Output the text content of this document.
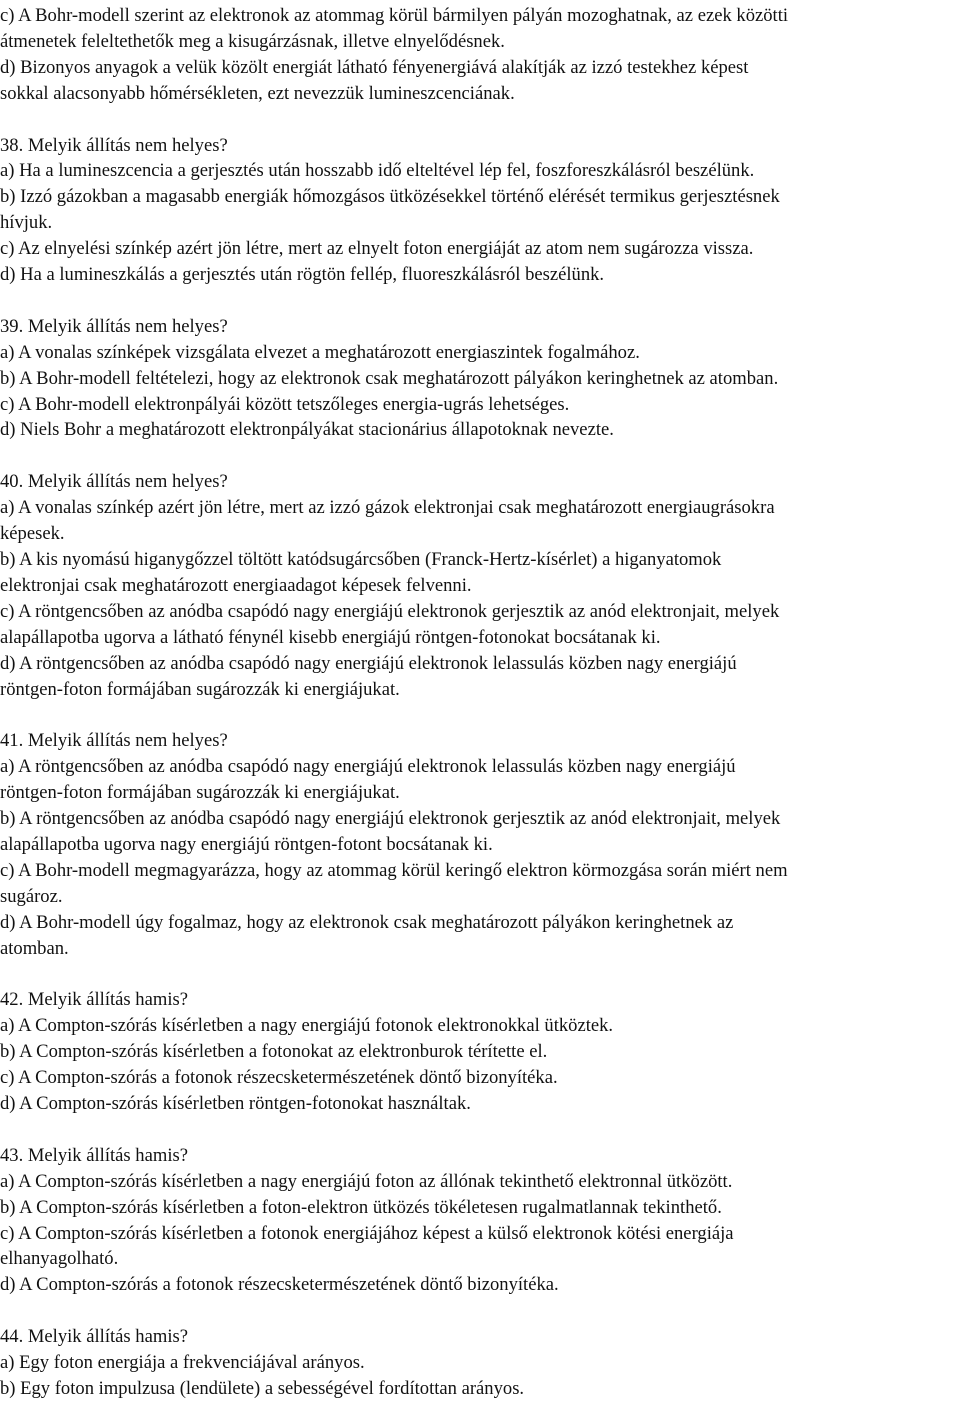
c) A Bohr-modell szerint az elektronok az atommag körül bármilyen pályán mozoghatnak, az ezek közötti
átmenetek feleltethetők meg a kisugárzásnak, illetve elnyelődésnek.
d) Bizonyos anyagok a velük közölt energiát látható fényenergiává alakítják az izzó testekhez képest
sokkal alacsonyabb hőmérsékleten, ezt nevezzük lumineszcenciának.
38. Melyik állítás nem helyes?
a) Ha a lumineszcencia a gerjesztés után hosszabb idő elteltével lép fel, foszforeszkálásról beszélünk.
b) Izzó gázokban a magasabb energiák hőmozgásos ütközésekkel történő elérését termikus gerjesztésnek
hívjuk.
c) Az elnyelési színkép azért jön létre, mert az elnyelt foton energiáját az atom nem sugározza vissza.
d) Ha a lumineszkálás a gerjesztés után rögtön fellép, fluoreszkálásról beszélünk.
39. Melyik állítás nem helyes?
a) A vonalas színképek vizsgálata elvezet a meghatározott energiaszintek fogalmához.
b) A Bohr-modell feltételezi, hogy az elektronok csak meghatározott pályákon keringhetnek az atomban.
c) A Bohr-modell elektronpályái között tetszőleges energia-ugrás lehetséges.
d) Niels Bohr a meghatározott elektronpályákat stacionárius állapotoknak nevezte.
40. Melyik állítás nem helyes?
a) A vonalas színkép azért jön létre, mert az izzó gázok elektronjai csak meghatározott energiaugrásokra
képesek.
b) A kis nyomású higanygőzzel töltött katódsugárcsőben (Franck-Hertz-kísérlet) a higanyatomok
elektronjai csak meghatározott energiaadagot képesek felvenni.
c) A röntgencsőben az anódba csapódó nagy energiájú elektronok gerjesztik az anód elektronjait, melyek
alapállapotba ugorva a látható fénynél kisebb energiájú röntgen-fotonokat bocsátanak ki.
d) A röntgencsőben az anódba csapódó nagy energiájú elektronok lelassulás közben nagy energiájú
röntgen-foton formájában sugározzák ki energiájukat.
41. Melyik állítás nem helyes?
a) A röntgencsőben az anódba csapódó nagy energiájú elektronok lelassulás közben nagy energiájú
röntgen-foton formájában sugározzák ki energiájukat.
b) A röntgencsőben az anódba csapódó nagy energiájú elektronok gerjesztik az anód elektronjait, melyek
alapállapotba ugorva nagy energiájú röntgen-fotont bocsátanak ki.
c) A Bohr-modell megmagyarázza, hogy az atommag körül keringő elektron körmozgása során miért nem
sugároz.
d) A Bohr-modell úgy fogalmaz, hogy az elektronok csak meghatározott pályákon keringhetnek az
atomban.
42. Melyik állítás hamis?
a) A Compton-szórás kísérletben a nagy energiájú fotonok elektronokkal ütköztek.
b) A Compton-szórás kísérletben a fotonokat az elektronburok térítette el.
c) A Compton-szórás a fotonok részecsketermészetének döntő bizonyítéka.
d) A Compton-szórás kísérletben röntgen-fotonokat használtak.
43. Melyik állítás hamis?
a) A Compton-szórás kísérletben a nagy energiájú foton az állónak tekinthető elektronnal ütközött.
b) A Compton-szórás kísérletben a foton-elektron ütközés tökéletesen rugalmatlannak tekinthető.
c) A Compton-szórás kísérletben a fotonok energiájához képest a külső elektronok kötési energiája
elhanyagolható.
d) A Compton-szórás a fotonok részecsketermészetének döntő bizonyítéka.
44. Melyik állítás hamis?
a) Egy foton energiája a frekvenciájával arányos.
b) Egy foton impulzusa (lendülete) a sebességével fordítottan arányos.
